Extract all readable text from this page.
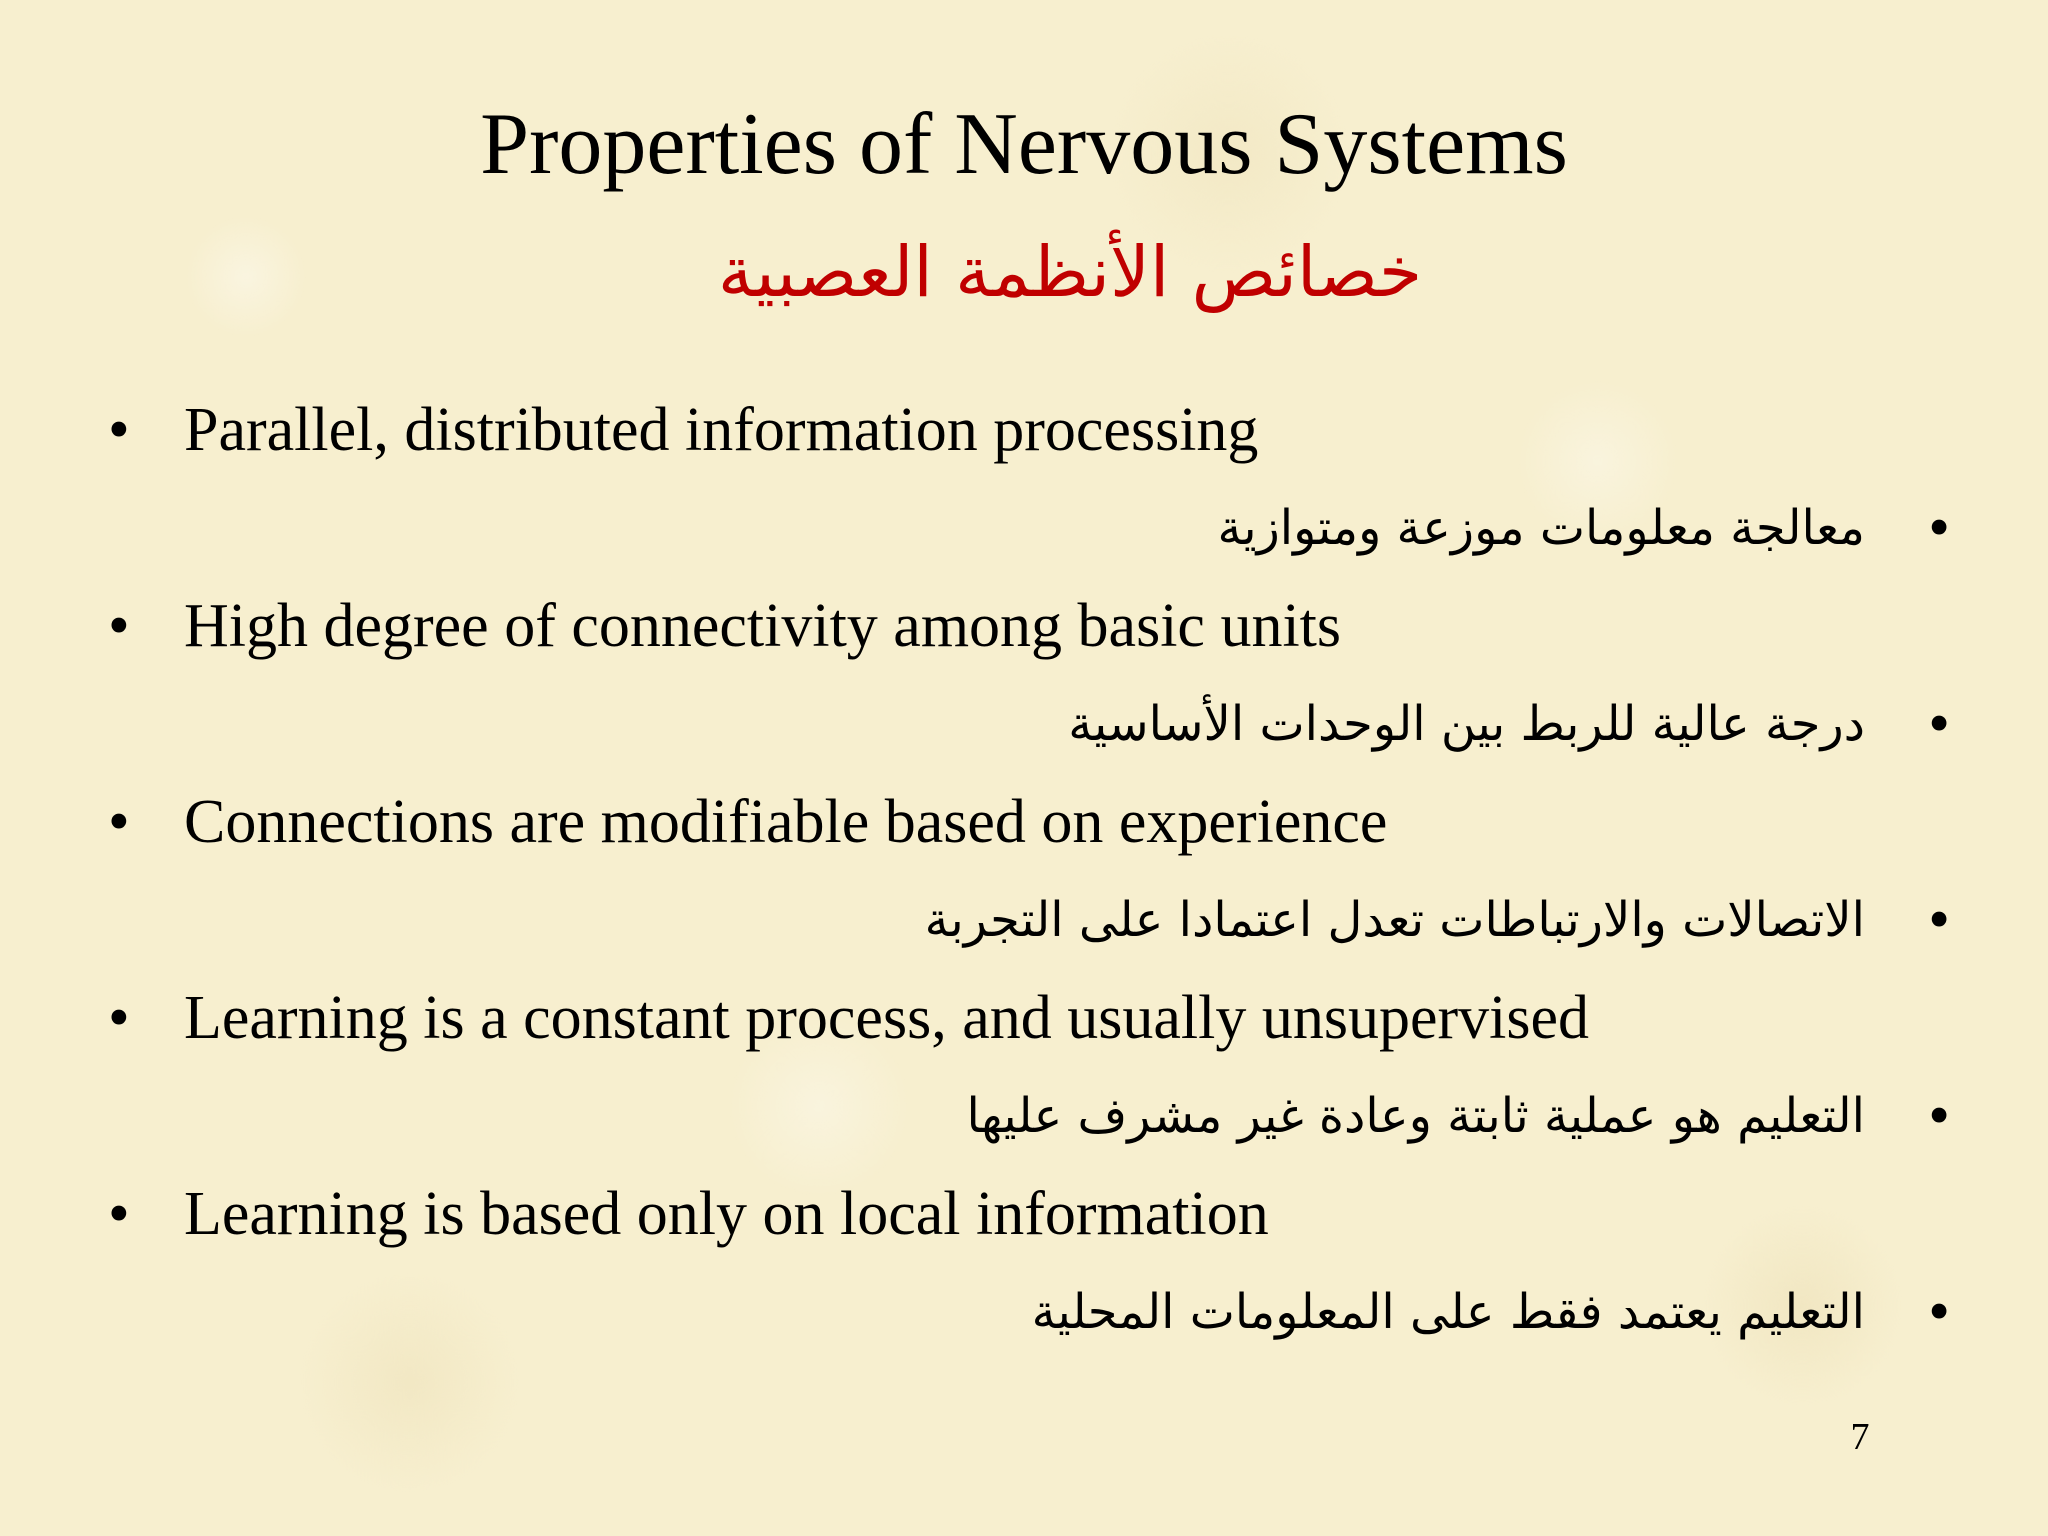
Properties of Nervous Systems
خصائص الأنظمة العصبية
• Parallel, distributed information processing
•
معالجة معلومات موزعة ومتوازية
• High degree of connectivity among basic units
•
درجة عالية للربط بين الوحدات الأساسية
• Connections are modifiable based on experience
•
الاتصالات والارتباطات تعدل اعتمادا على التجربة
• Learning is a constant process, and usually unsupervised
•
التعليم هو عملية ثابتة وعادة غير مشرف عليها
• Learning is based only on local information
•
التعليم يعتمد فقط على المعلومات المحلية
7
